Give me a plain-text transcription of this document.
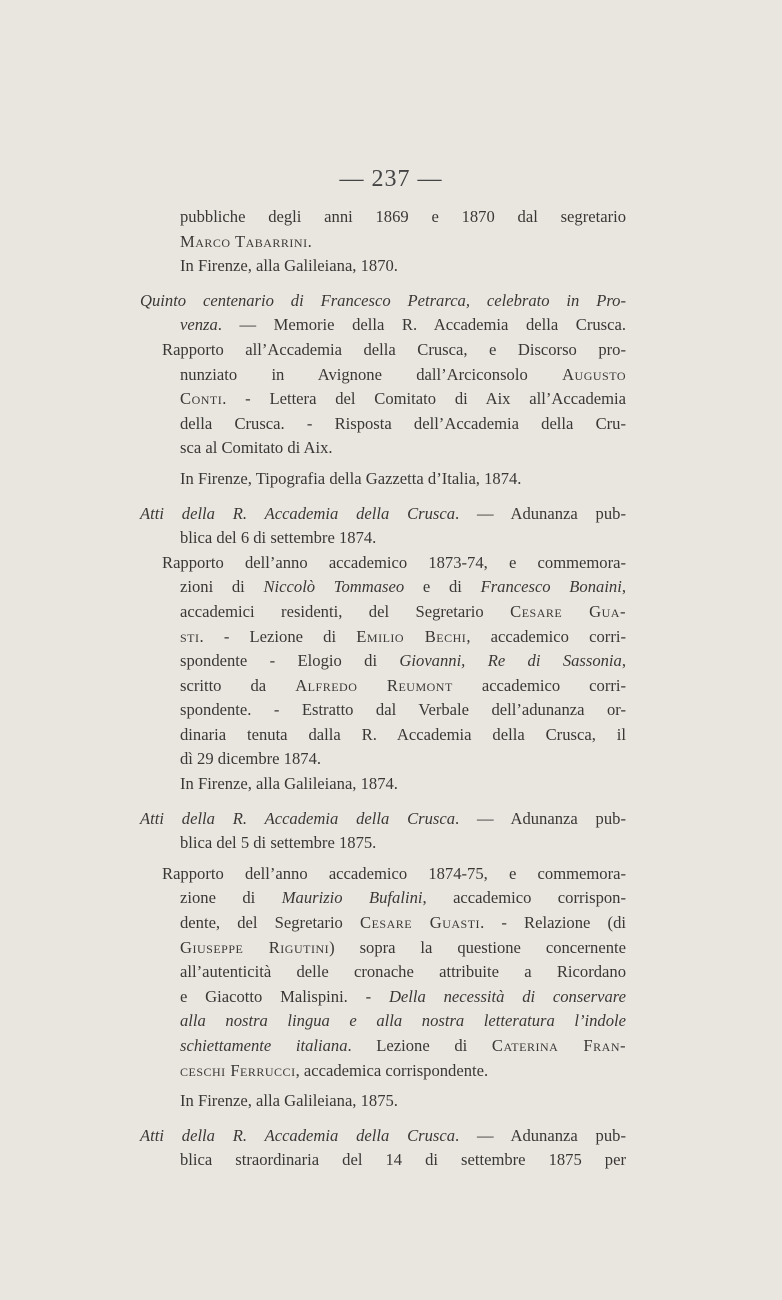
— 237 —
pubbliche degli anni 1869 e 1870 dal segretario
Marco Tabarrini.
In Firenze, alla Galileiana, 1870.
Quinto centenario di Francesco Petrarca, celebrato in Pro-
venza. — Memorie della R. Accademia della Crusca.
Rapporto all’Accademia della Crusca, e Discorso pro-
nunziato in Avignone dall’Arciconsolo Augusto
Conti. - Lettera del Comitato di Aix all’Accademia
della Crusca. - Risposta dell’Accademia della Cru-
sca al Comitato di Aix.
In Firenze, Tipografia della Gazzetta d’Italia, 1874.
Atti della R. Accademia della Crusca. — Adunanza pub-
blica del 6 di settembre 1874.
Rapporto dell’anno accademico 1873-74, e commemora-
zioni di Niccolò Tommaseo e di Francesco Bonaini,
accademici residenti, del Segretario Cesare Gua-
sti. - Lezione di Emilio Bechi, accademico corri-
spondente - Elogio di Giovanni, Re di Sassonia,
scritto da Alfredo Reumont accademico corri-
spondente. - Estratto dal Verbale dell’adunanza or-
dinaria tenuta dalla R. Accademia della Crusca, il
dì 29 dicembre 1874.
In Firenze, alla Galileiana, 1874.
Atti della R. Accademia della Crusca. — Adunanza pub-
blica del 5 di settembre 1875.
Rapporto dell’anno accademico 1874-75, e commemora-
zione di Maurizio Bufalini, accademico corrispon-
dente, del Segretario Cesare Guasti. - Relazione (di
Giuseppe Rigutini) sopra la questione concernente
all’autenticità delle cronache attribuite a Ricordano
e Giacotto Malispini. - Della necessità di conservare
alla nostra lingua e alla nostra letteratura l’indole
schiettamente italiana. Lezione di Caterina Fran-
ceschi Ferrucci, accademica corrispondente.
In Firenze, alla Galileiana, 1875.
Atti della R. Accademia della Crusca. — Adunanza pub-
blica straordinaria del 14 di settembre 1875 per
